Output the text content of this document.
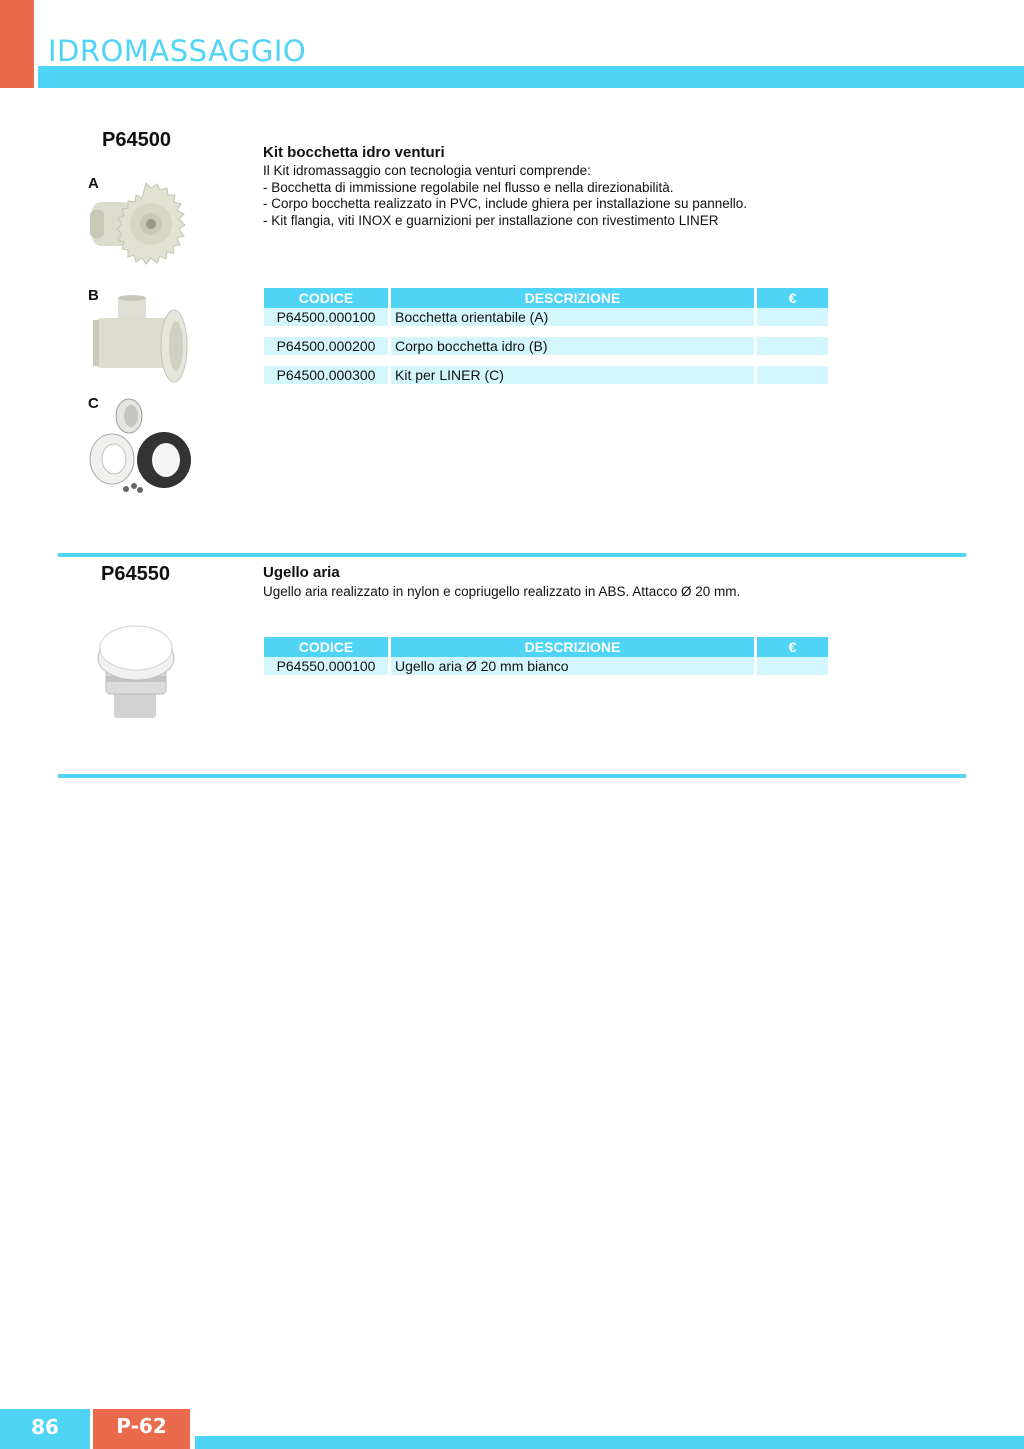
IDROMASSAGGIO
P64500
A
B
C
Kit bocchetta idro venturi
Il Kit idromassaggio con tecnologia venturi comprende:
- Bocchetta di immissione regolabile nel flusso e nella direzionabilità.
- Corpo bocchetta realizzato in PVC, include ghiera per installazione su pannello.
- Kit flangia, viti INOX e guarnizioni per installazione con rivestimento LINER
CODICE	DESCRIZIONE	€
P64500.000100	Bocchetta orientabile (A)	

P64500.000200	Corpo bocchetta idro (B)	

P64500.000300	Kit per LINER (C)	
P64550	Ugello aria
Ugello aria realizzato in nylon e copriugello realizzato in ABS. Attacco Ø 20 mm.
CODICE	DESCRIZIONE	€
P64550.000100	Ugello aria Ø 20 mm bianco	
86	P-62
